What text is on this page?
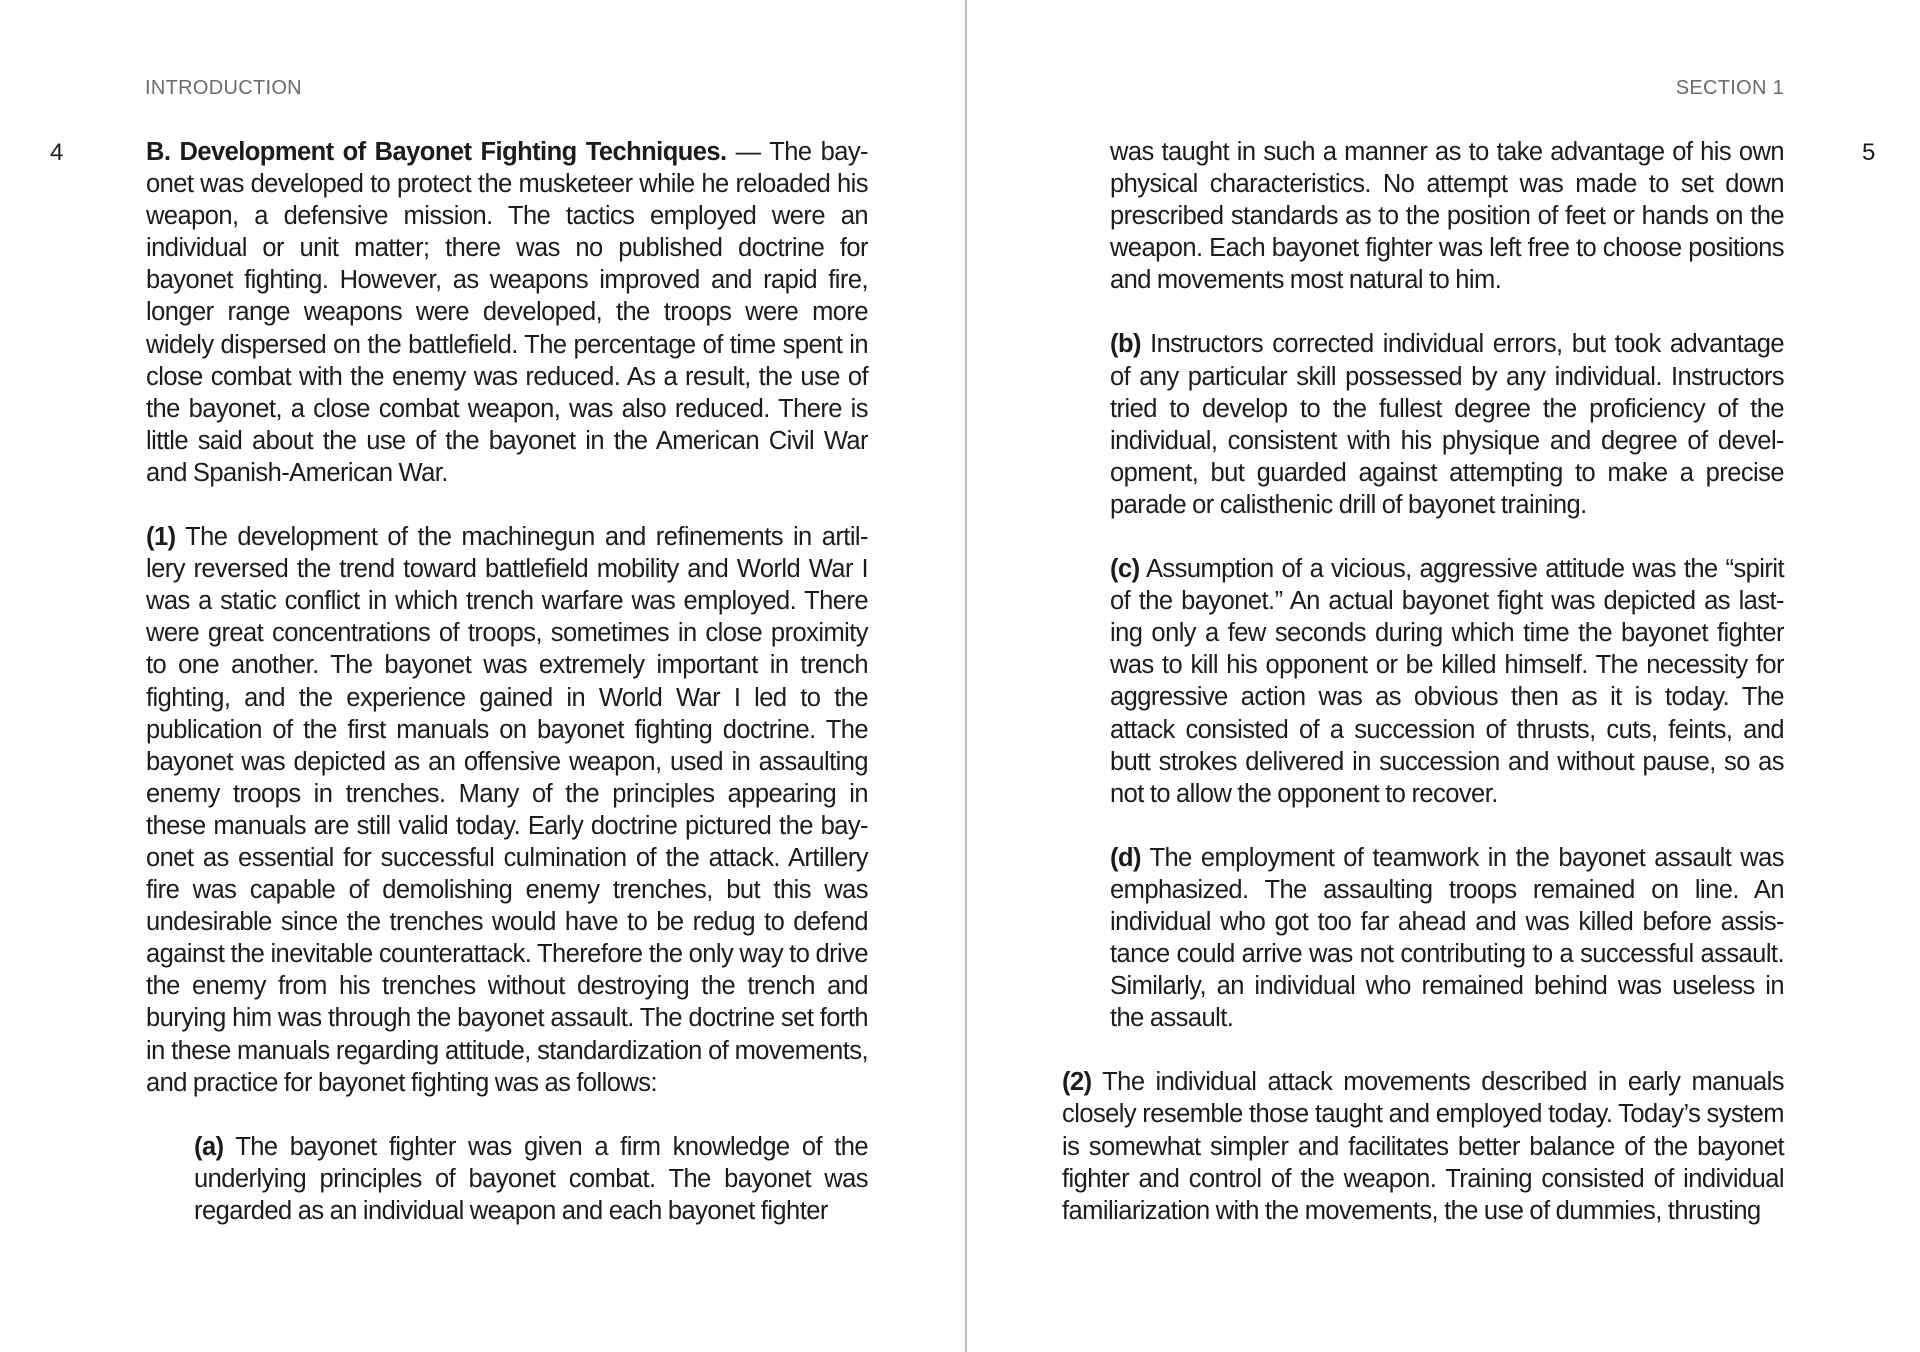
INTRODUCTION
4	B. Development of Bayonet Fighting Techniques. — The bay-onet was developed to protect the musketeer while he reloaded his weapon, a defensive mission. The tactics employed were an individual or unit matter; there was no published doctrine for bayonet fighting. However, as weapons improved and rapid fire, longer range weapons were developed, the troops were more widely dispersed on the battlefield. The percentage of time spent in close combat with the enemy was reduced. As a result, the use of the bayonet, a close combat weapon, was also reduced. There is little said about the use of the bayonet in the American Civil War and Spanish-American War.

(1) The development of the machinegun and refinements in artil-lery reversed the trend toward battlefield mobility and World War I was a static conflict in which trench warfare was employed. There were great concentrations of troops, sometimes in close proximity to one another. The bayonet was extremely important in trench fighting, and the experience gained in World War I led to the publication of the first manuals on bayonet fighting doctrine. The bayonet was depicted as an offensive weapon, used in assaulting enemy troops in trenches. Many of the principles appearing in these manuals are still valid today. Early doctrine pictured the bay-onet as essential for successful culmination of the attack. Artillery fire was capable of demolishing enemy trenches, but this was undesirable since the trenches would have to be redug to defend against the inevitable counterattack. Therefore the only way to drive the enemy from his trenches without destroying the trench and burying him was through the bayonet assault. The doctrine set forth in these manuals regarding attitude, standardization of movements, and practice for bayonet fighting was as follows:

(a) The bayonet fighter was given a firm knowledge of the underlying principles of bayonet combat. The bayonet was regarded as an individual weapon and each bayonet fighter

SECTION 1
5

was taught in such a manner as to take advantage of his own physical characteristics. No attempt was made to set down prescribed standards as to the position of feet or hands on the weapon. Each bayonet fighter was left free to choose positions and movements most natural to him.

(b) Instructors corrected individual errors, but took advantage of any particular skill possessed by any individual. Instructors tried to develop to the fullest degree the proficiency of the individual, consistent with his physique and degree of devel-opment, but guarded against attempting to make a precise parade or calisthenic drill of bayonet training.

(c) Assumption of a vicious, aggressive attitude was the “spirit of the bayonet.” An actual bayonet fight was depicted as last-ing only a few seconds during which time the bayonet fighter was to kill his opponent or be killed himself. The necessity for aggressive action was as obvious then as it is today. The attack consisted of a succession of thrusts, cuts, feints, and butt strokes delivered in succession and without pause, so as not to allow the opponent to recover.

(d) The employment of teamwork in the bayonet assault was emphasized. The assaulting troops remained on line. An individual who got too far ahead and was killed before assis-tance could arrive was not contributing to a successful assault. Similarly, an individual who remained behind was useless in the assault.

(2) The individual attack movements described in early manuals closely resemble those taught and employed today. Today’s system is somewhat simpler and facilitates better balance of the bayonet fighter and control of the weapon. Training consisted of individual familiarization with the movements, the use of dummies, thrusting
